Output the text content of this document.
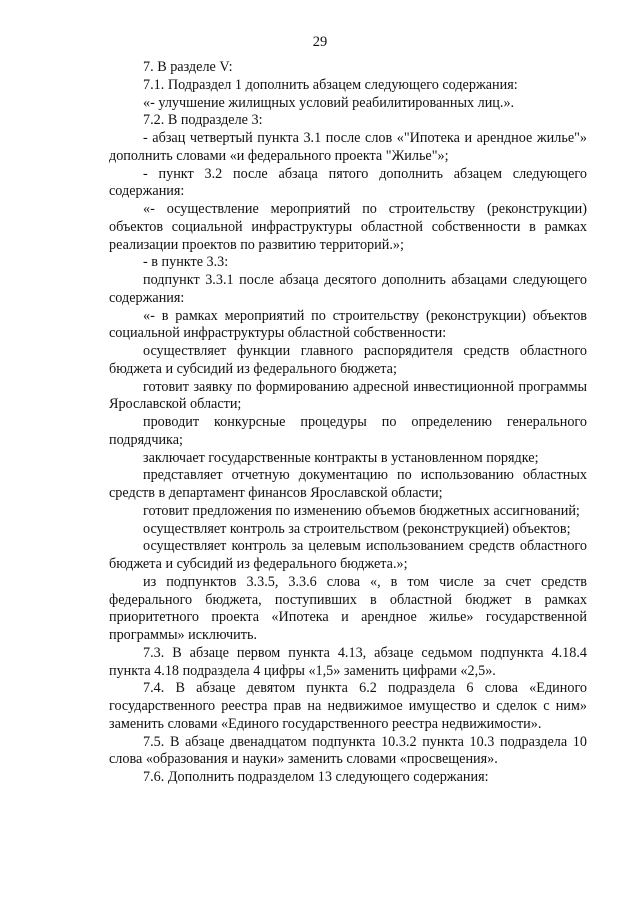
29

7. В разделе V:

7.1. Подраздел 1 дополнить абзацем следующего содержания:

«- улучшение жилищных условий реабилитированных лиц.».

7.2. В подразделе 3:

- абзац четвертый пункта 3.1 после слов «"Ипотека и арендное жилье"» дополнить словами «и федерального проекта "Жилье"»;

- пункт 3.2 после абзаца пятого дополнить абзацем следующего содержания:

«- осуществление мероприятий по строительству (реконструкции) объектов социальной инфраструктуры областной собственности в рамках реализации проектов по развитию территорий.»;

- в пункте 3.3:

подпункт 3.3.1 после абзаца десятого дополнить абзацами следующего содержания:

«- в рамках мероприятий по строительству (реконструкции) объектов социальной инфраструктуры областной собственности:

осуществляет функции главного распорядителя средств областного бюджета и субсидий из федерального бюджета;

готовит заявку по формированию адресной инвестиционной программы Ярославской области;

проводит конкурсные процедуры по определению генерального подрядчика;

заключает государственные контракты в установленном порядке;

представляет отчетную документацию по использованию областных средств в департамент финансов Ярославской области;

готовит предложения по изменению объемов бюджетных ассигнований;

осуществляет контроль за строительством (реконструкцией) объектов;

осуществляет контроль за целевым использованием средств областного бюджета и субсидий из федерального бюджета.»;

из подпунктов 3.3.5, 3.3.6 слова «, в том числе за счет средств федерального бюджета, поступивших в областной бюджет в рамках приоритетного проекта «Ипотека и арендное жилье» государственной программы» исключить.

7.3. В абзаце первом пункта 4.13, абзаце седьмом подпункта 4.18.4 пункта 4.18 подраздела 4 цифры «1,5» заменить цифрами «2,5».

7.4. В абзаце девятом пункта 6.2 подраздела 6 слова «Единого государственного реестра прав на недвижимое имущество и сделок с ним» заменить словами «Единого государственного реестра недвижимости».

7.5. В абзаце двенадцатом подпункта 10.3.2 пункта 10.3 подраздела 10 слова «образования и науки» заменить словами «просвещения».

7.6. Дополнить подразделом 13 следующего содержания:
